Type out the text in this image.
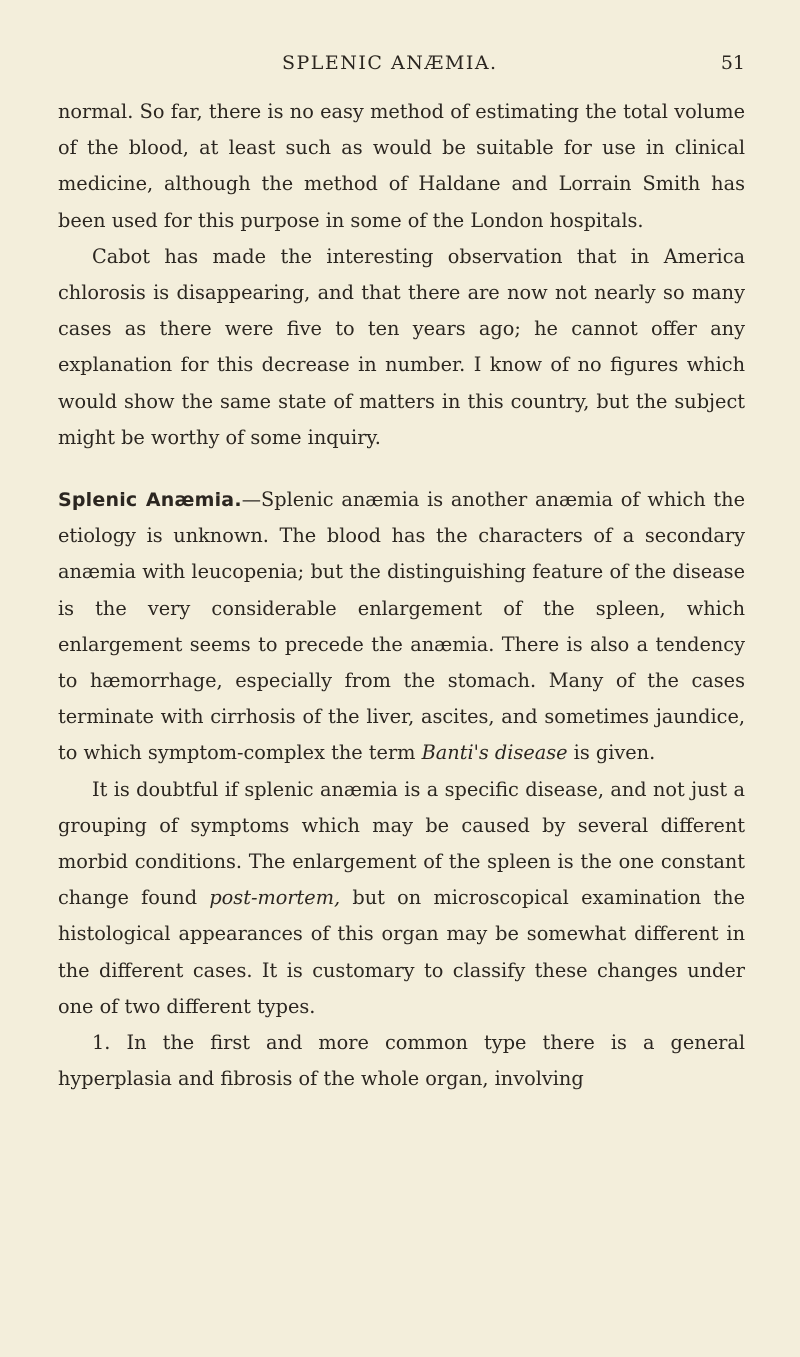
SPLENIC ANÆMIA.	51

normal. So far, there is no easy method of estimating the total volume of the blood, at least such as would be suitable for use in clinical medicine, although the method of Haldane and Lorrain Smith has been used for this purpose in some of the London hospitals.

Cabot has made the interesting observation that in America chlorosis is disappearing, and that there are now not nearly so many cases as there were five to ten years ago; he cannot offer any explanation for this decrease in number. I know of no figures which would show the same state of matters in this country, but the subject might be worthy of some inquiry.

Splenic Anæmia.—Splenic anæmia is another anæmia of which the etiology is unknown. The blood has the characters of a secondary anæmia with leucopenia; but the distinguishing feature of the disease is the very considerable enlargement of the spleen, which enlargement seems to precede the anæmia. There is also a tendency to hæmorrhage, especially from the stomach. Many of the cases terminate with cirrhosis of the liver, ascites, and sometimes jaundice, to which symptom-complex the term Banti's disease is given.

It is doubtful if splenic anæmia is a specific disease, and not just a grouping of symptoms which may be caused by several different morbid conditions. The enlargement of the spleen is the one constant change found post-mortem, but on microscopical examination the histological appearances of this organ may be somewhat different in the different cases. It is customary to classify these changes under one of two different types.

1. In the first and more common type there is a general hyperplasia and fibrosis of the whole organ, involving
